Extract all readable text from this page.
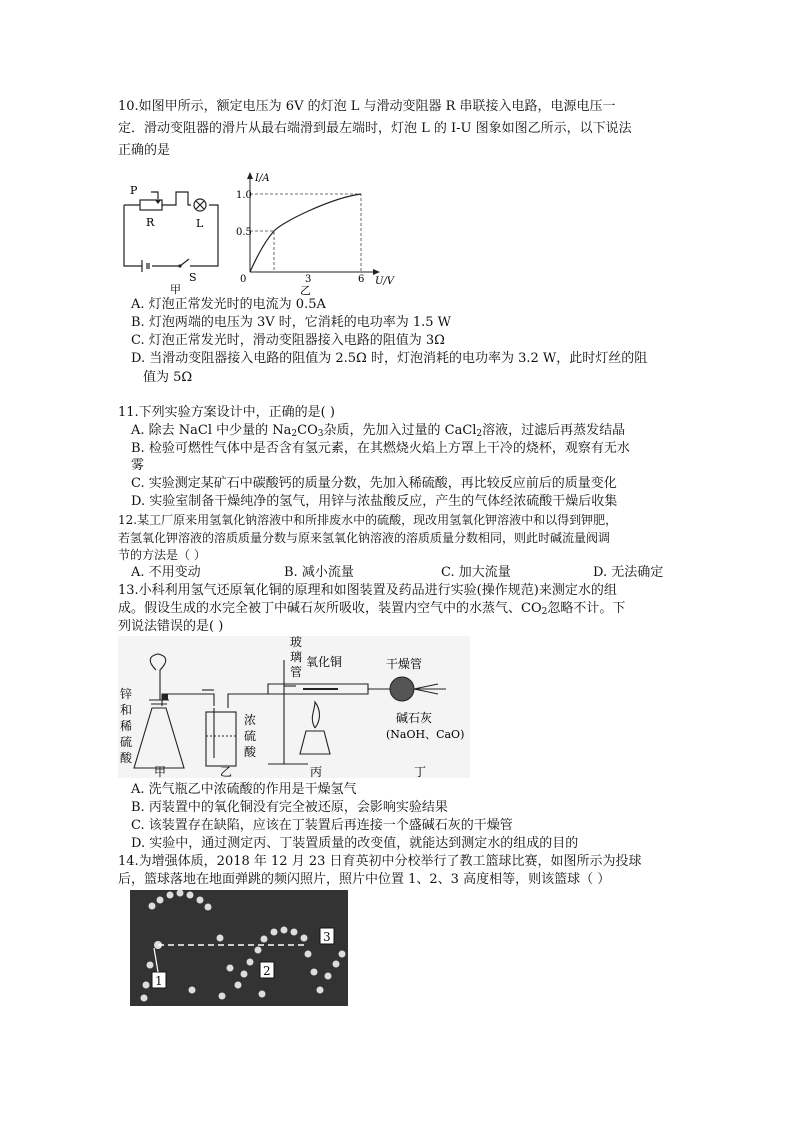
10.如图甲所示，额定电压为 6V 的灯泡 L 与滑动变阻器 R 串联接入电路，电源电压一
定．滑动变阻器的滑片从最右端滑到最左端时，灯泡 L 的 I-U 图象如图乙所示，以下说法
正确的是
P
R	L
S
甲
I/A
U/V
0
1.0
0.5
3	6
乙
A. 灯泡正常发光时的电流为 0.5A
B. 灯泡两端的电压为 3V 时，它消耗的电功率为 1.5 W
C. 灯泡正常发光时，滑动变阻器接入电路的阻值为 3Ω
D. 当滑动变阻器接入电路的阻值为 2.5Ω 时，灯泡消耗的电功率为 3.2 W，此时灯丝的阻
值为 5Ω
11.下列实验方案设计中，正确的是( )
A. 除去 NaCl 中少量的 $Na_2CO_3$杂质，先加入过量的 CaCl$_2$溶液，过滤后再蒸发结晶
B. 检验可燃性气体中是否含有氢元素，在其燃烧火焰上方罩上干冷的烧杯，观察有无水
雾
C. 实验测定某矿石中碳酸钙的质量分数，先加入稀硫酸，再比较反应前后的质量变化
D. 实验室制备干燥纯净的氢气，用锌与浓盐酸反应，产生的气体经浓硫酸干燥后收集
12.某工厂原来用氢氧化钠溶液中和所排废水中的硫酸，现改用氢氧化钾溶液中和以得到钾肥，
若氢氧化钾溶液的溶质质量分数与原来氢氧化钠溶液的溶质质量分数相同，则此时碱流量阀调
节的方法是（ ）
A. 不用变动	B. 减小流量	C. 加大流量	D. 无法确定
13.小科利用氢气还原氧化铜的原理和如图装置及药品进行实验(操作规范)来测定水的组
成。假设生成的水完全被丁中碱石灰所吸收，装置内空气中的水蒸气、$CO_2$忽略不计。下
列说法错误的是( )
锌
和
稀
硫
酸
浓
硫
酸
玻
璃
管
氧化铜	干燥管
碱石灰
(NaOH、CaO)
甲	乙	丙	丁
A. 洗气瓶乙中浓硫酸的作用是干燥氢气
B. 丙装置中的氧化铜没有完全被还原，会影响实验结果
C. 该装置存在缺陷，应该在丁装置后再连接一个盛碱石灰的干燥管
D. 实验中，通过测定丙、丁装置质量的改变值，就能达到测定水的组成的目的
14.为增强体质，2018 年 12 月 23 日育英初中分校举行了教工篮球比赛，如图所示为投球
后，篮球落地在地面弹跳的频闪照片，照片中位置 1、2、3 高度相等，则该篮球（ ）
1
2
3
